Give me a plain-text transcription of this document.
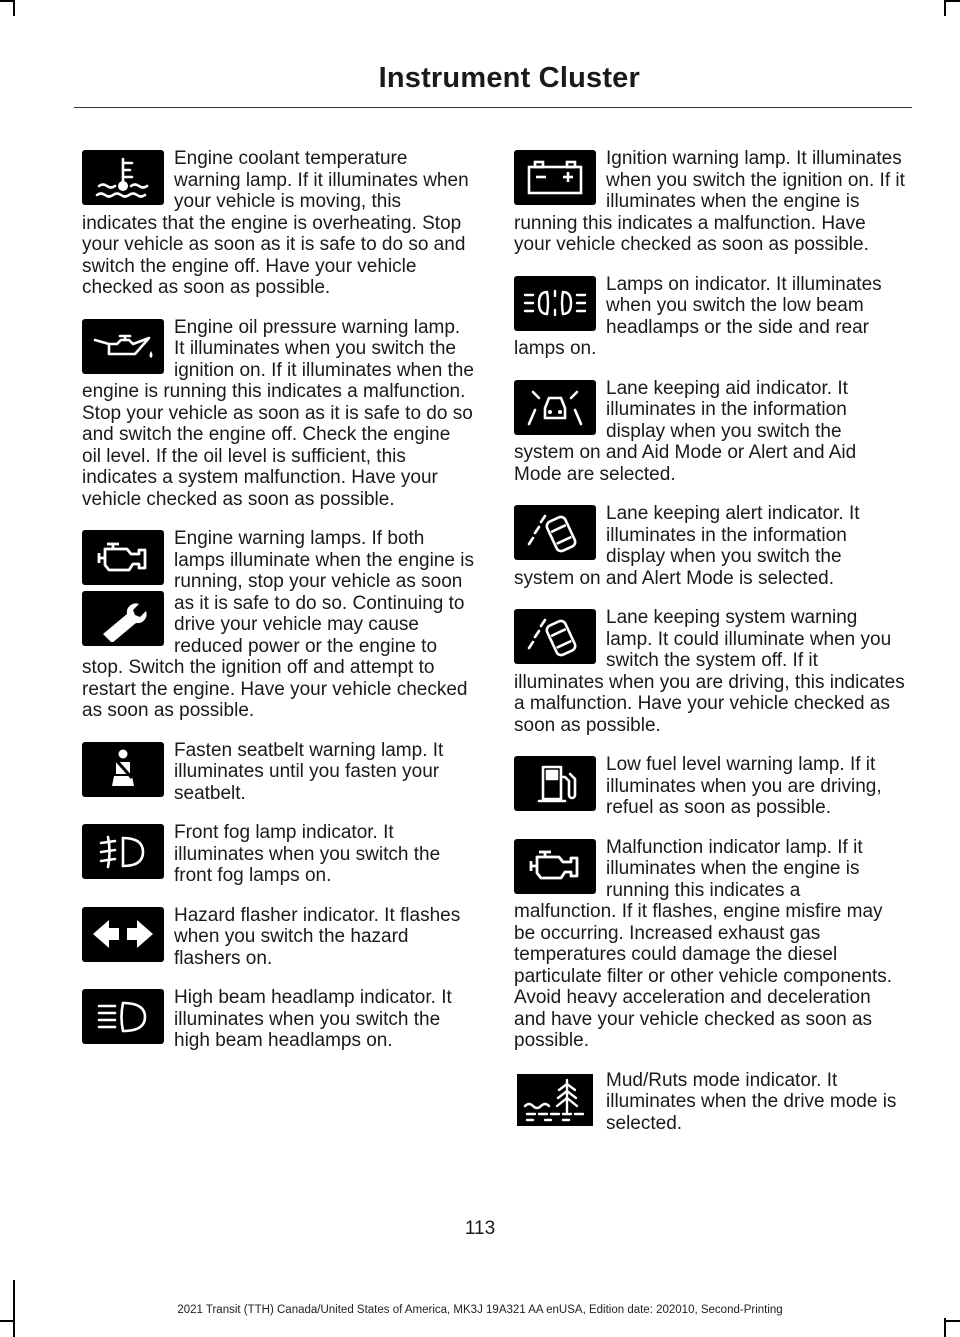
Instrument Cluster
Engine coolant temperature warning lamp. If it illuminates when your vehicle is moving, this indicates that the engine is overheating. Stop your vehicle as soon as it is safe to do so and switch the engine off. Have your vehicle checked as soon as possible.
Engine oil pressure warning lamp. It illuminates when you switch the ignition on. If it illuminates when the engine is running this indicates a malfunction. Stop your vehicle as soon as it is safe to do so and switch the engine off. Check the engine oil level. If the oil level is sufficient, this indicates a system malfunction. Have your vehicle checked as soon as possible.
Engine warning lamps. If both lamps illuminate when the engine is running, stop your vehicle as soon as it is safe to do so. Continuing to drive your vehicle may cause reduced power or the engine to stop. Switch the ignition off and attempt to restart the engine. Have your vehicle checked as soon as possible.
Fasten seatbelt warning lamp. It illuminates until you fasten your seatbelt.
Front fog lamp indicator. It illuminates when you switch the front fog lamps on.
Hazard flasher indicator. It flashes when you switch the hazard flashers on.
High beam headlamp indicator. It illuminates when you switch the high beam headlamps on.
Ignition warning lamp. It illuminates when you switch the ignition on. If it illuminates when the engine is running this indicates a malfunction. Have your vehicle checked as soon as possible.
Lamps on indicator. It illuminates when you switch the low beam headlamps or the side and rear lamps on.
Lane keeping aid indicator. It illuminates in the information display when you switch the system on and Aid Mode or Alert and Aid Mode are selected.
Lane keeping alert indicator. It illuminates in the information display when you switch the system on and Alert Mode is selected.
Lane keeping system warning lamp. It could illuminate when you switch the system off. If it illuminates when you are driving, this indicates a malfunction. Have your vehicle checked as soon as possible.
Low fuel level warning lamp. If it illuminates when you are driving, refuel as soon as possible.
Malfunction indicator lamp. If it illuminates when the engine is running this indicates a malfunction. If it flashes, engine misfire may be occurring. Increased exhaust gas temperatures could damage the diesel particulate filter or other vehicle components. Avoid heavy acceleration and deceleration and have your vehicle checked as soon as possible.
Mud/Ruts mode indicator. It illuminates when the drive mode is selected.

113

2021 Transit (TTH) Canada/United States of America, MK3J 19A321 AA enUSA, Edition date: 202010, Second-Printing
